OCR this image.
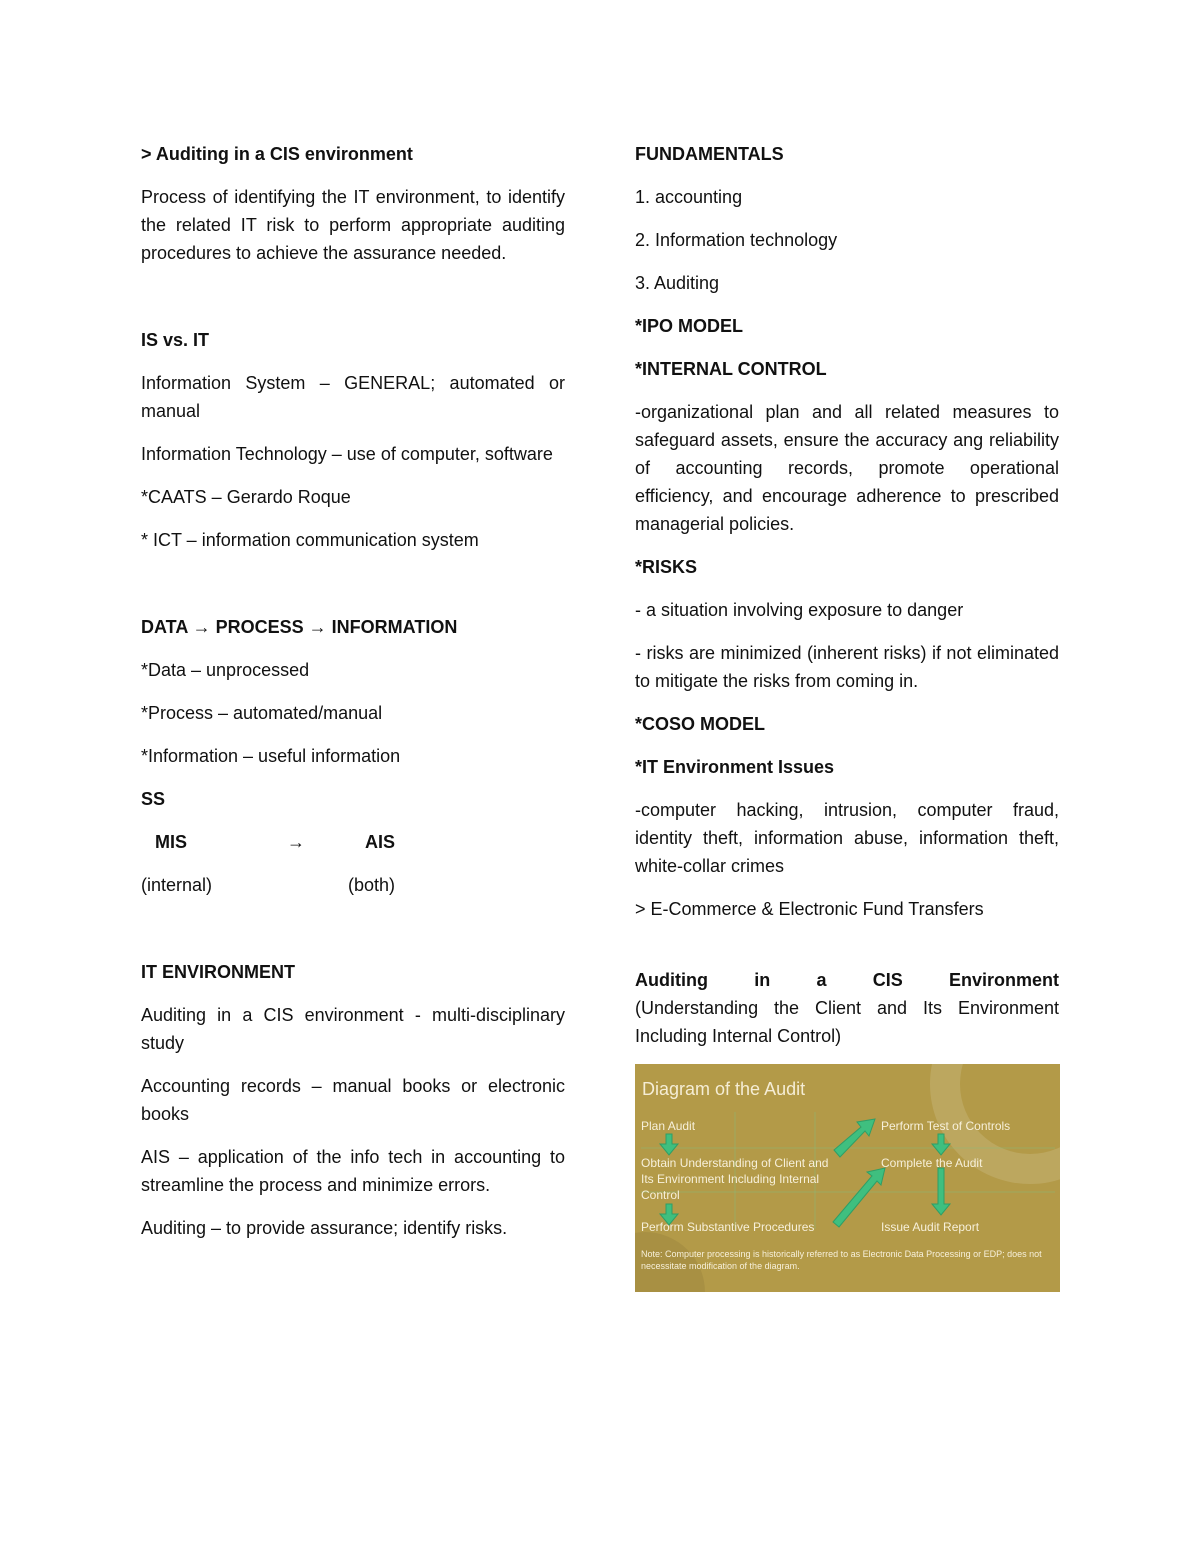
> Auditing in a CIS environment

Process of identifying the IT environment, to identify the related IT risk to perform appropriate auditing procedures to achieve the assurance needed.

IS vs. IT

Information System – GENERAL; automated or manual

Information Technology – use of computer, software

*CAATS – Gerardo Roque

* ICT – information communication system

DATA → PROCESS → INFORMATION

*Data – unprocessed

*Process – automated/manual

*Information – useful information

SS

MIS	→	AIS
(internal)	(both)

IT ENVIRONMENT

Auditing in a CIS environment - multi-disciplinary study

Accounting records – manual books or electronic books

AIS – application of the info tech in accounting to streamline the process and minimize errors.

Auditing – to provide assurance; identify risks.

FUNDAMENTALS

1. accounting

2. Information technology

3. Auditing

*IPO MODEL

*INTERNAL CONTROL

-organizational plan and all related measures to safeguard assets, ensure the accuracy ang reliability of accounting records, promote operational efficiency, and encourage adherence to prescribed managerial policies.

*RISKS

- a situation involving exposure to danger

- risks are minimized (inherent risks) if not eliminated to mitigate the risks from coming in.

*COSO MODEL

*IT Environment Issues

-computer hacking, intrusion, computer fraud, identity theft, information abuse, information theft, white-collar crimes

> E-Commerce & Electronic Fund Transfers

Auditing in a CIS Environment

(Understanding the Client and Its Environment Including Internal Control)

Diagram of the Audit
Plan Audit
Obtain Understanding of Client and Its Environment Including Internal Control
Perform Substantive Procedures
Perform Test of Controls
Complete the Audit
Issue Audit Report
Note: Computer processing is historically referred to as Electronic Data Processing or EDP; does not necessitate modification of the diagram.
